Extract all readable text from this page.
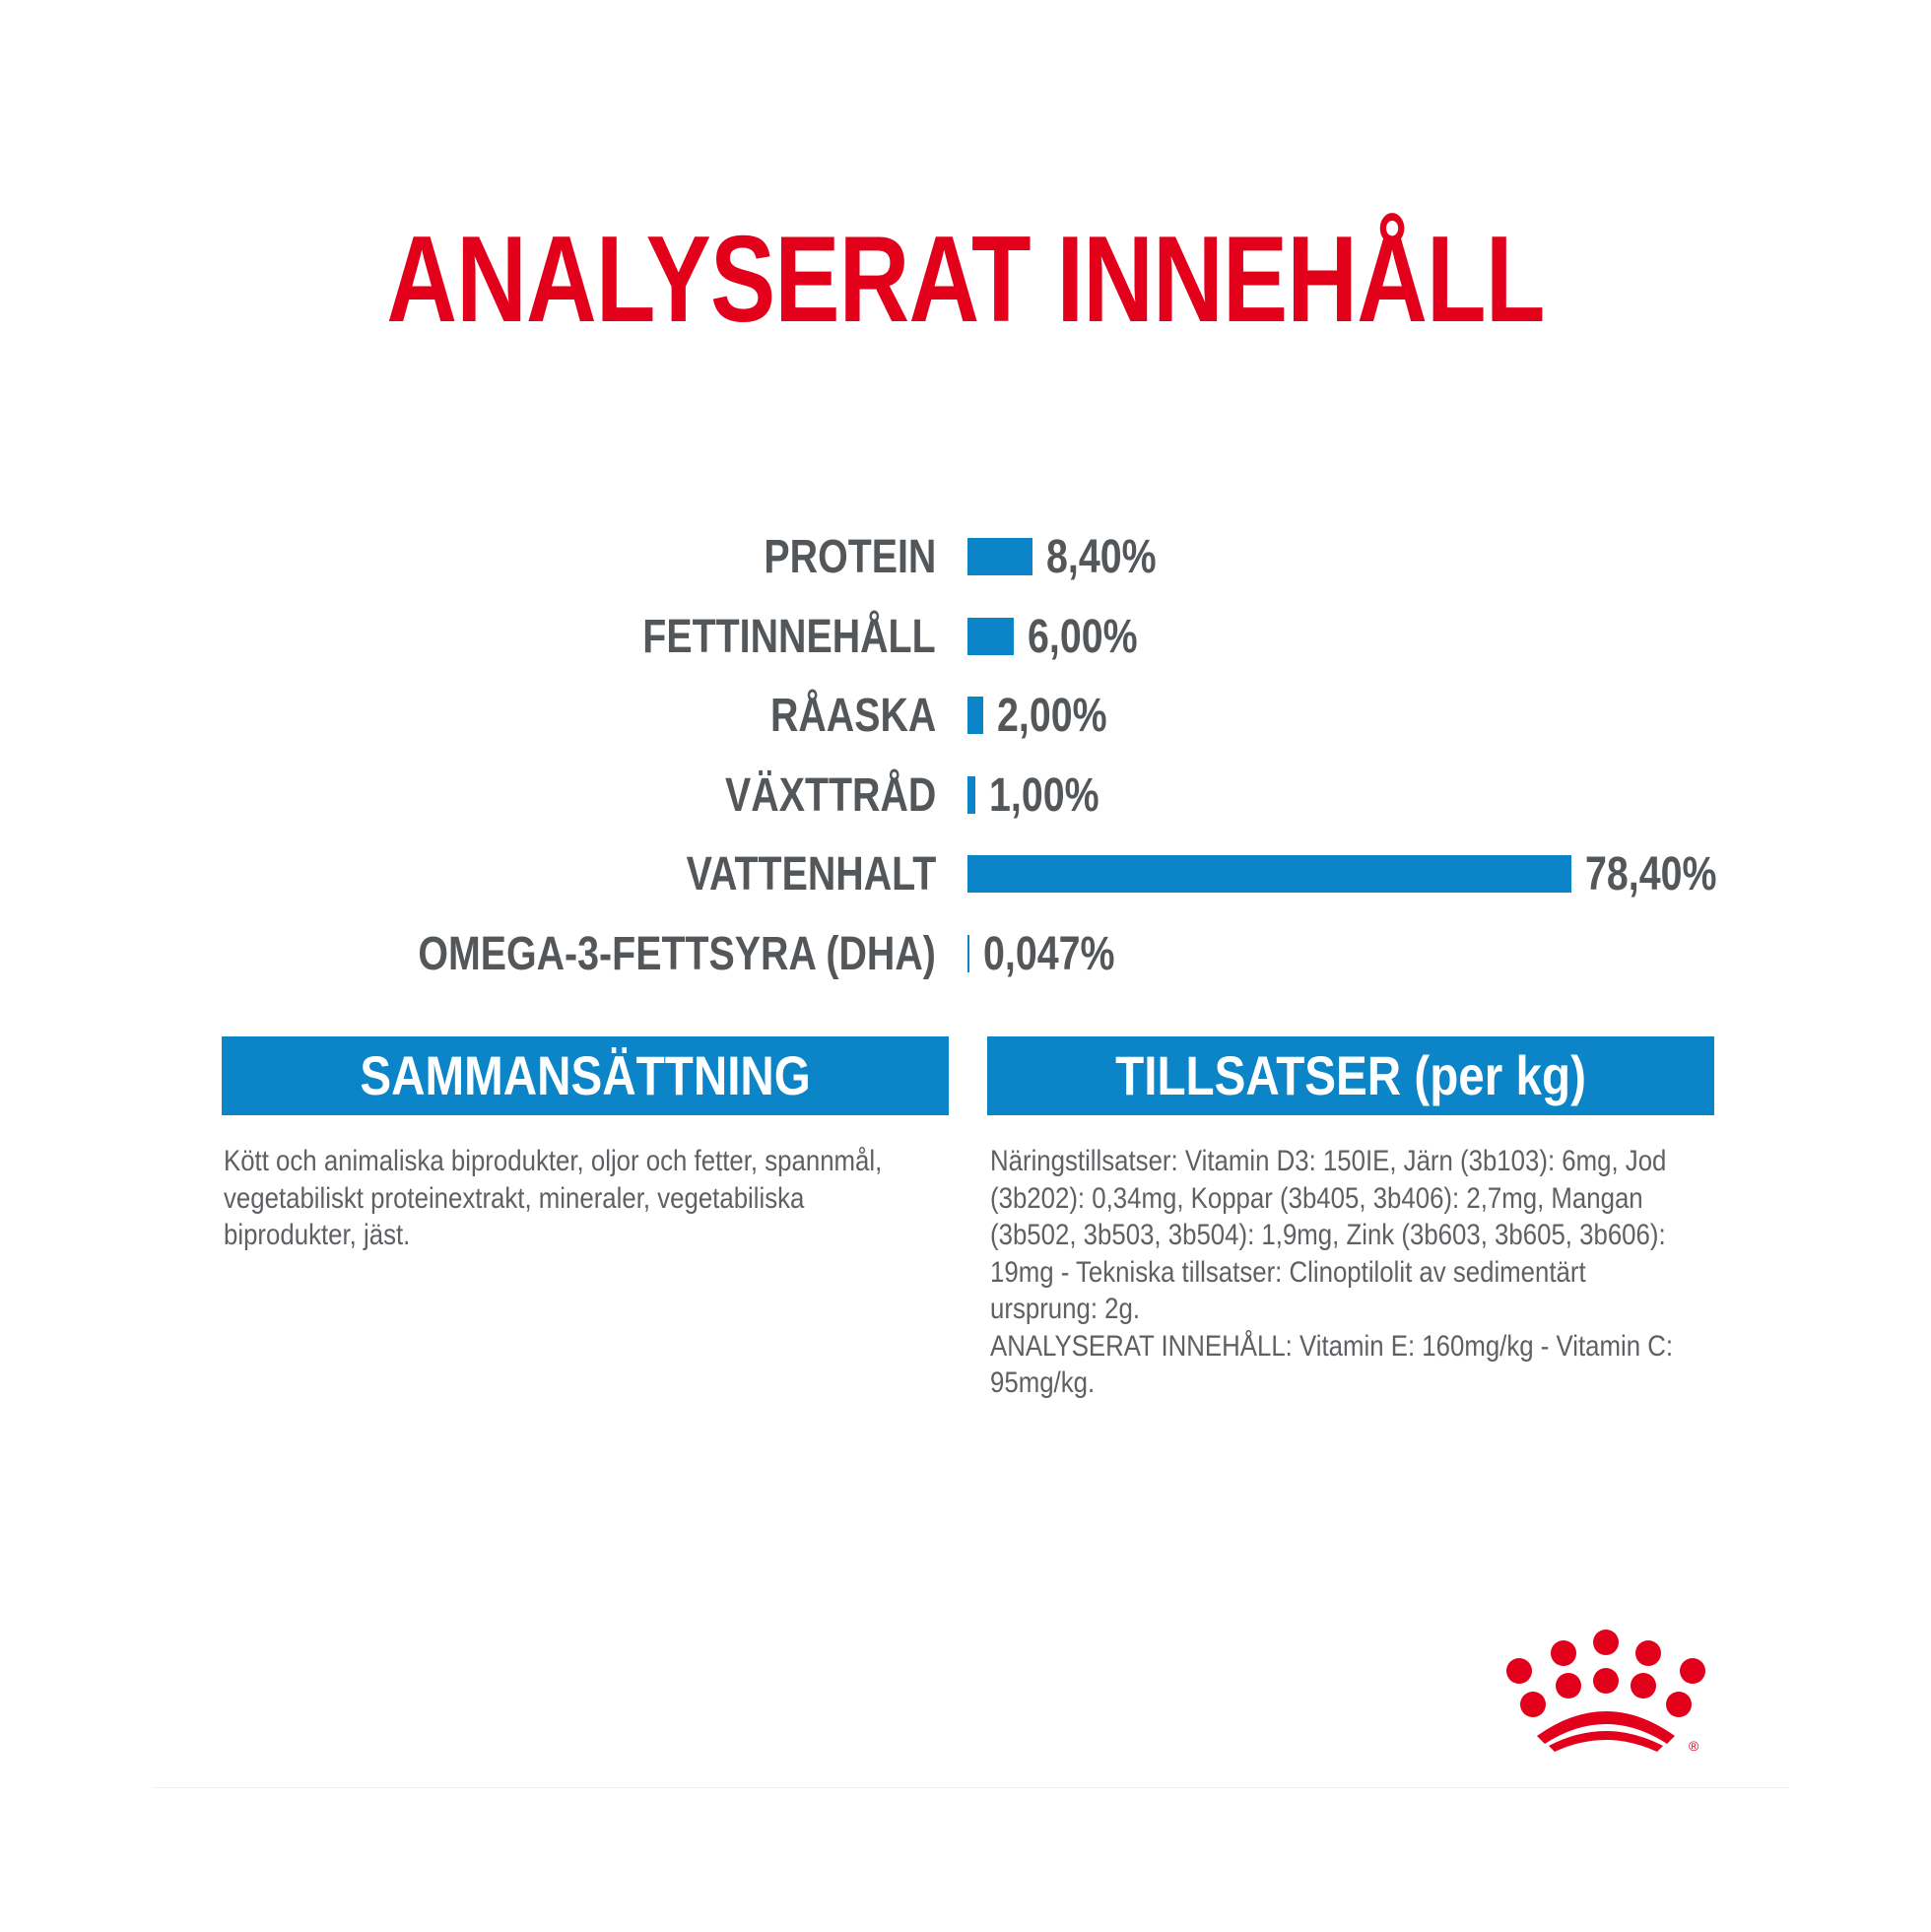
ANALYSERAT INNEHÅLL
PROTEIN 8,40%
FETTINNEHÅLL 6,00%
RÅASKA 2,00%
VÄXTTRÅD 1,00%
VATTENHALT	78,40%
OMEGA-3-FETTSYRA (DHA) 0,047%
SAMMANSÄTTNING	TILLSATSER (per kg)
Kött och animaliska biprodukter, oljor och fetter, spannmål,
vegetabiliskt proteinextrakt, mineraler, vegetabiliska
biprodukter, jäst.
Näringstillsatser: Vitamin D3: 150IE, Järn (3b103): 6mg, Jod
(3b202): 0,34mg, Koppar (3b405, 3b406): 2,7mg, Mangan
(3b502, 3b503, 3b504): 1,9mg, Zink (3b603, 3b605, 3b606):
19mg - Tekniska tillsatser: Clinoptilolit av sedimentärt
ursprung: 2g.
ANALYSERAT INNEHÅLL: Vitamin E: 160mg/kg - Vitamin C:
95mg/kg.
®
